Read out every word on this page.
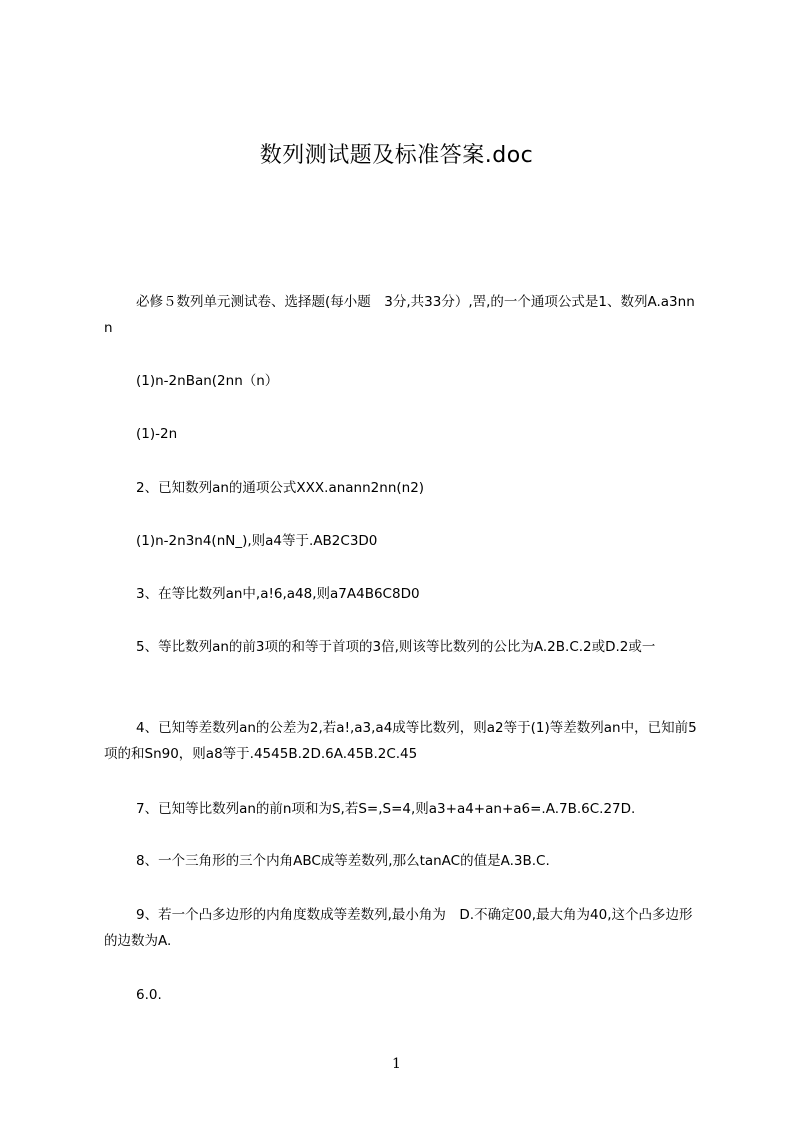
数列测试题及标准答案.doc
必修５数列单元测试卷、选择题(每小题　3分,共33分）,罟,的一个通项公式是1、数列A.a3nnn
(1)n-2nBan(2nn（n）
(1)-2n
2、已知数列an的通项公式XXX.anann2nn(n2)
(1)n-2n3n4(nN_),则a4等于.AB2C3D0
3、在等比数列an中,a!6,a48,则a7A4B6C8D0
5、等比数列an的前3项的和等于首项的3倍,则该等比数列的公比为A.2B.C.2或D.2或一
4、已知等差数列an的公差为2,若a!,a3,a4成等比数列，则a2等于(1)等差数列an中，已知前5项的和Sn90，则a8等于.4545B.2D.6A.45B.2C.45
7、已知等比数列an的前n项和为S,若S=,S=4,则a3+a4+an+a6=.A.7B.6C.27D.
8、一个三角形的三个内角ABC成等差数列,那么tanAC的值是A.3B.C.
9、若一个凸多边形的内角度数成等差数列,最小角为　D.不确定00,最大角为40,这个凸多边形的边数为A.
6.0.
1
